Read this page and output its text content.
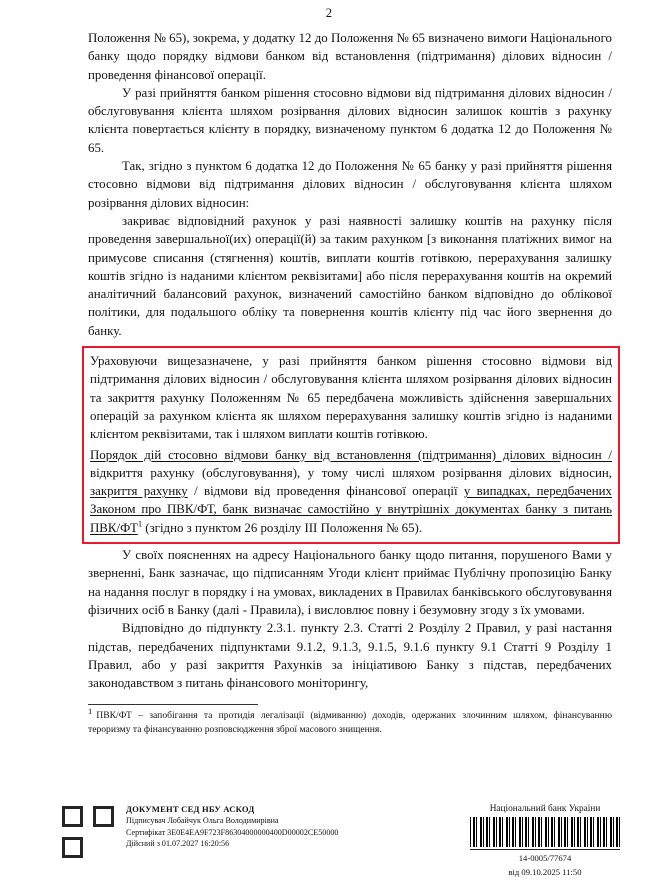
2

Положення № 65), зокрема, у додатку 12 до Положення № 65 визначено вимоги Національного банку щодо порядку відмови банком від встановлення (підтримання) ділових відносин / проведення фінансової операції.

У разі прийняття банком рішення стосовно відмови від підтримання ділових відносин / обслуговування клієнта шляхом розірвання ділових відносин залишок коштів з рахунку клієнта повертається клієнту в порядку, визначеному пунктом 6 додатка 12 до Положення № 65.

Так, згідно з пунктом 6 додатка 12 до Положення № 65 банку у разі прийняття рішення стосовно відмови від підтримання ділових відносин / обслуговування клієнта шляхом розірвання ділових відносин:

закриває відповідний рахунок у разі наявності залишку коштів на рахунку після проведення завершальної(их) операції(й) за таким рахунком [з виконання платіжних вимог на примусове списання (стягнення) коштів, виплати коштів готівкою, перерахування залишку коштів згідно із наданими клієнтом реквізитами] або після перерахування коштів на окремий аналітичний балансовий рахунок, визначений самостійно банком відповідно до облікової політики, для подальшого обліку та повернення коштів клієнту під час його звернення до банку.

Ураховуючи вищезазначене, у разі прийняття банком рішення стосовно відмови від підтримання ділових відносин / обслуговування клієнта шляхом розірвання ділових відносин та закриття рахунку Положенням № 65 передбачена можливість здійснення завершальних операцій за рахунком клієнта як шляхом перерахування залишку коштів згідно із наданими клієнтом реквізитами, так і шляхом виплати коштів готівкою.

Порядок дій стосовно відмови банку від встановлення (підтримання) ділових відносин / відкриття рахунку (обслуговування), у тому числі шляхом розірвання ділових відносин, закриття рахунку / відмови від проведення фінансової операції у випадках, передбачених Законом про ПВК/ФТ, банк визначає самостійно у внутрішніх документах банку з питань ПВК/$ФТ^1$ (згідно з пунктом 26 розділу III Положення № 65).

У своїх поясненнях на адресу Національного банку щодо питання, порушеного Вами у зверненні, Банк зазначає, що підписанням Угоди клієнт приймає Публічну пропозицію Банку на надання послуг в порядку і на умовах, викладених в Правилах банківського обслуговування фізичних осіб в Банку (далі - Правила), і висловлює повну і безумовну згоду з їх умовами.

Відповідно до підпункту 2.3.1. пункту 2.3. Статті 2 Розділу 2 Правил, у разі настання підстав, передбачених підпунктами 9.1.2, 9.1.3, 9.1.5, 9.1.6 пункту 9.1 Статті 9 Розділу 1 Правил, або у разі закриття Рахунків за ініціативою Банку з підстав, передбачених законодавством з питань фінансового моніторингу,

1 ПВК/ФТ – запобігання та протидія легалізації (відмиванню) доходів, одержаних злочинним шляхом, фінансуванню тероризму та фінансуванню розповсюдження зброї масового знищення.

ДОКУМЕНТ СЕД НБУ АСКОД
Підписувач Лобайчук Ольга Володимирівна
Сертифікат 3E0E4EA9F723F86304000000400D00002CE50000
Дійсний з 01.07.2027 16:20:56
Національний банк України
14-0005/77674
від 09.10.2025 11:50
